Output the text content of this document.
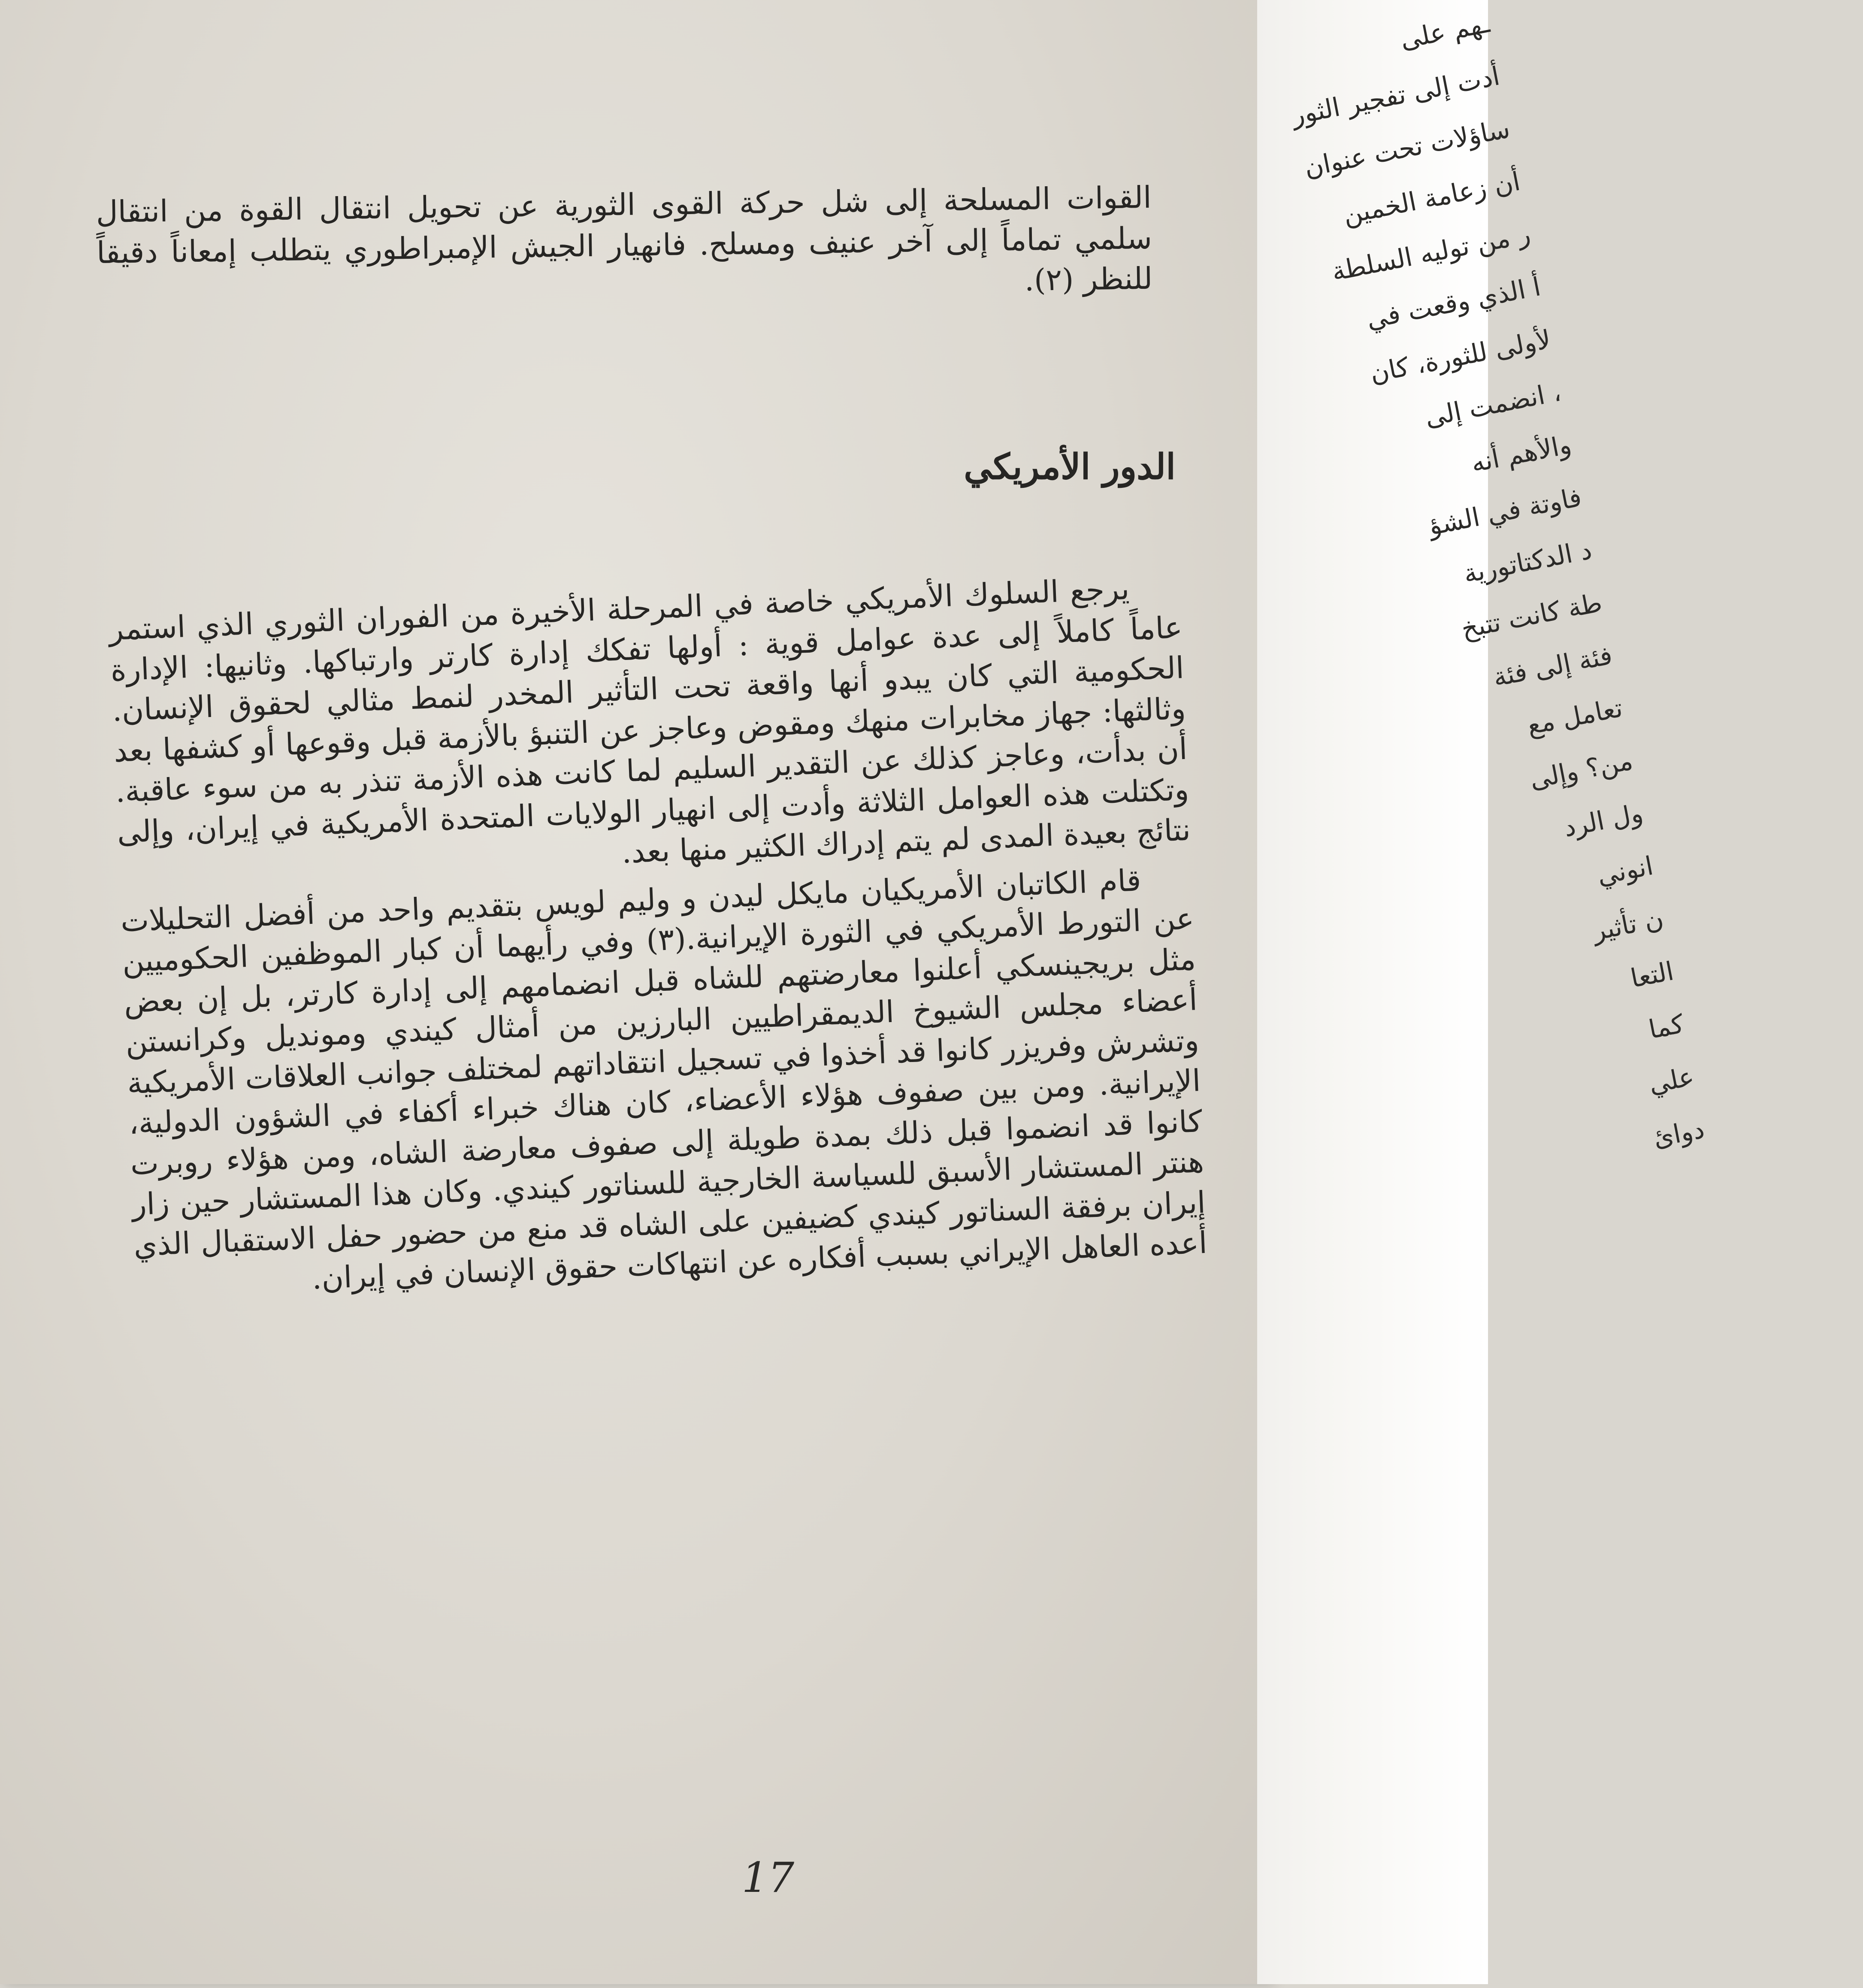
القوات المسلحة إلى شل حركة القوى الثورية عن تحويل انتقال القوة من انتقال سلمي تماماً إلى آخر عنيف ومسلح. فانهيار الجيش الإمبراطوري يتطلب إمعاناً دقيقاً للنظر (٢).
الدور الأمريكي

يرجع السلوك الأمريكي خاصة في المرحلة الأخيرة من الفوران الثوري الذي استمر عاماً كاملاً إلى عدة عوامل قوية : أولها تفكك إدارة كارتر وارتباكها. وثانيها: الإدارة الحكومية التي كان يبدو أنها واقعة تحت التأثير المخدر لنمط مثالي لحقوق الإنسان. وثالثها: جهاز مخابرات منهك ومقوض وعاجز عن التنبؤ بالأزمة قبل وقوعها أو كشفها بعد أن بدأت، وعاجز كذلك عن التقدير السليم لما كانت هذه الأزمة تنذر به من سوء عاقبة. وتكتلت هذه العوامل الثلاثة وأدت إلى انهيار الولايات المتحدة الأمريكية في إيران، وإلى نتائج بعيدة المدى لم يتم إدراك الكثير منها بعد.

قام الكاتبان الأمريكيان مايكل ليدن و وليم لويس بتقديم واحد من أفضل التحليلات عن التورط الأمريكي في الثورة الإيرانية.(٣) وفي رأيهما أن كبار الموظفين الحكوميين مثل بريجينسكي أعلنوا معارضتهم للشاه قبل انضمامهم إلى إدارة كارتر، بل إن بعض أعضاء مجلس الشيوخ الديمقراطيين البارزين من أمثال كيندي ومونديل وكرانستن وتشرش وفريزر كانوا قد أخذوا في تسجيل انتقاداتهم لمختلف جوانب العلاقات الأمريكية الإيرانية. ومن بين صفوف هؤلاء الأعضاء، كان هناك خبراء أكفاء في الشؤون الدولية، كانوا قد انضموا قبل ذلك بمدة طويلة إلى صفوف معارضة الشاه، ومن هؤلاء روبرت هنتر المستشار الأسبق للسياسة الخارجية للسناتور كيندي. وكان هذا المستشار حين زار إيران برفقة السناتور كيندي كضيفين على الشاه قد منع من حضور حفل الاستقبال الذي أعده العاهل الإيراني بسبب أفكاره عن انتهاكات حقوق الإنسان في إيران.

17
ـهم على
أدت إلى تفجير الثور
ساؤلات تحت عنوان
أن زعامة الخمين
ر من توليه السلطة
أ الذي وقعت في
لأولى للثورة، كان
، انضمت إلى
والأهم أنه
فاوتة في الشؤ
د الدكتاتورية
طة كانت تتبخ
فئة إلى فئة
تعامل مع
من؟ وإلى
ول الرد
انوني
ن تأثير
التعا
كما
علي
دوائ
